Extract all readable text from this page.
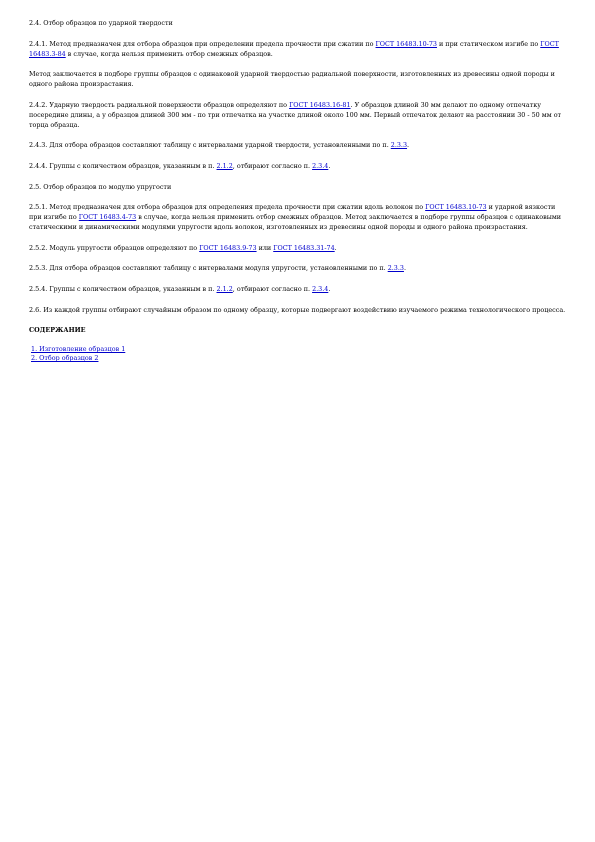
2.4. Отбор образцов по ударной твердости

2.4.1. Метод предназначен для отбора образцов при определении предела прочности при сжатии по ГОСТ 16483.10-73 и при статическом изгибе по ГОСТ 16483.3-84 в случае, когда нельзя применить отбор смежных образцов.

Метод заключается в подборе группы образцов с одинаковой ударной твердостью радиальной поверхности, изготовленных из древесины одной породы и одного района произрастания.

2.4.2. Ударную твердость радиальной поверхности образцов определяют по ГОСТ 16483.16-81. У образцов длиной 30 мм делают по одному отпечатку посередине длины, а у образцов длиной 300 мм - по три отпечатка на участке длиной около 100 мм. Первый отпечаток делают на расстоянии 30 - 50 мм от торца образца.

2.4.3. Для отбора образцов составляют таблицу с интервалами ударной твердости, установленными по п. 2.3.3.

2.4.4. Группы с количеством образцов, указанным в п. 2.1.2, отбирают согласно п. 2.3.4.

2.5. Отбор образцов по модулю упругости

2.5.1. Метод предназначен для отбора образцов для определения предела прочности при сжатии вдоль волокон по ГОСТ 16483.10-73 и ударной вязкости при изгибе по ГОСТ 16483.4-73 в случае, когда нельзя применить отбор смежных образцов. Метод заключается в подборе группы образцов с одинаковыми статическими и динамическими модулями упругости вдоль волокон, изготовленных из древесины одной породы и одного района произрастания.

2.5.2. Модуль упругости образцов определяют по ГОСТ 16483.9-73 или ГОСТ 16483.31-74.

2.5.3. Для отбора образцов составляют таблицу с интервалами модуля упругости, установленными по п. 2.3.3.

2.5.4. Группы с количеством образцов, указанным в п. 2.1.2, отбирают согласно п. 2.3.4.

2.6. Из каждой группы отбирают случайным образом по одному образцу, которые подвергают воздействию изучаемого режима технологического процесса.

СОДЕРЖАНИЕ
1. Изготовление образцов 1
2. Отбор образцов 2
